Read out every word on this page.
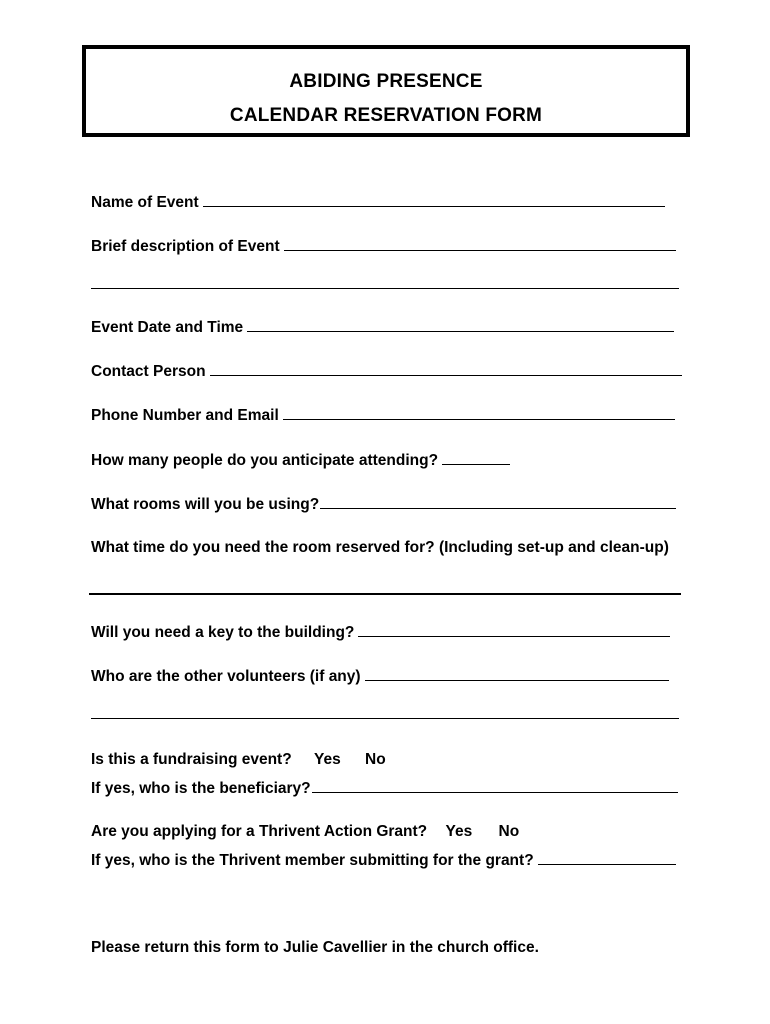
ABIDING PRESENCE
CALENDAR RESERVATION FORM
Name of Event
Brief description of Event
Event Date and Time
Contact Person
Phone Number and Email
How many people do you anticipate attending?
What rooms will you be using?
What time do you need the room reserved for? (Including set-up and clean-up)
Will you need a key to the building?
Who are the other volunteers (if any)
Is this a fundraising event? Yes No
If yes, who is the beneficiary?
Are you applying for a Thrivent Action Grant? Yes No
If yes, who is the Thrivent member submitting for the grant?
Please return this form to Julie Cavellier in the church office.
